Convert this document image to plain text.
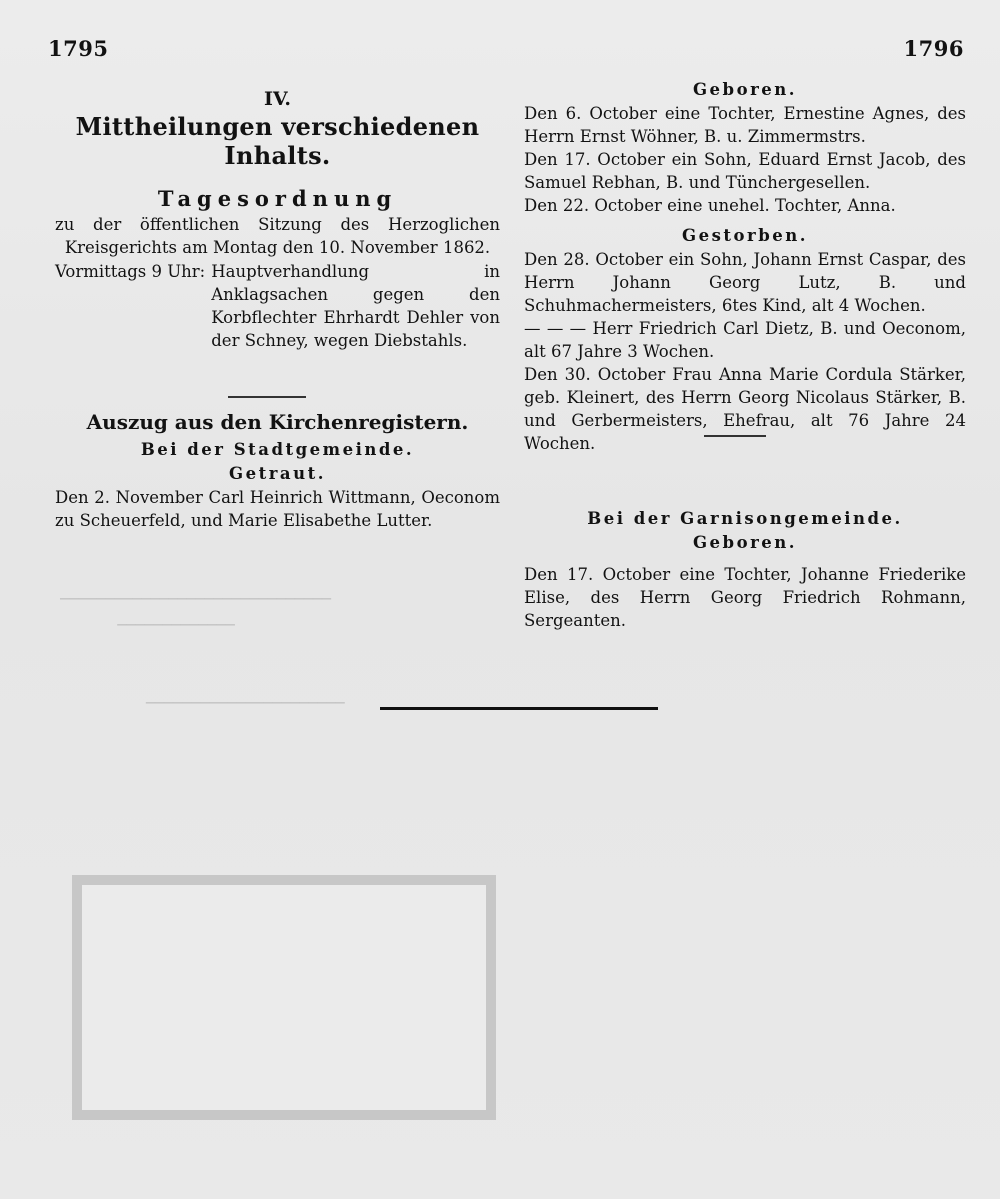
──────────────────────────────
─────────────

──────────────────────

1795	1796
IV.
Mittheilungen verschiedenen Inhalts.
Tagesordnung
zu der öffentlichen Sitzung des Herzoglichen Kreisgerichts am Montag den 10. November 1862.
Vormittags 9 Uhr: Hauptverhandlung in Anklagsachen gegen den Korbflechter Ehrhardt Dehler von der Schney, wegen Diebstahls.
Auszug aus den Kirchenregistern.
Bei der Stadtgemeinde.
Getraut.

Den 2. November Carl Heinrich Wittmann, Oeconom zu Scheuerfeld, und Marie Elisabethe Lutter.

Geboren.

Den 6. October eine Tochter, Ernestine Agnes, des Herrn Ernst Wöhner, B. u. Zimmermstrs.

Den 17. October ein Sohn, Eduard Ernst Jacob, des Samuel Rebhan, B. und Tünchergesellen.

Den 22. October eine unehel. Tochter, Anna.

Gestorben.

Den 28. October ein Sohn, Johann Ernst Caspar, des Herrn Johann Georg Lutz, B. und Schuhmachermeisters, 6tes Kind, alt 4 Wochen.

— — — Herr Friedrich Carl Dietz, B. und Oeconom, alt 67 Jahre 3 Wochen.

Den 30. October Frau Anna Marie Cordula Stärker, geb. Kleinert, des Herrn Georg Nicolaus Stärker, B. und Gerbermeisters, Ehefrau, alt 76 Jahre 24 Wochen.

Bei der Garnisongemeinde.
Geboren.

Den 17. October eine Tochter, Johanne Friederike Elise, des Herrn Georg Friedrich Rohmann, Sergeanten.
